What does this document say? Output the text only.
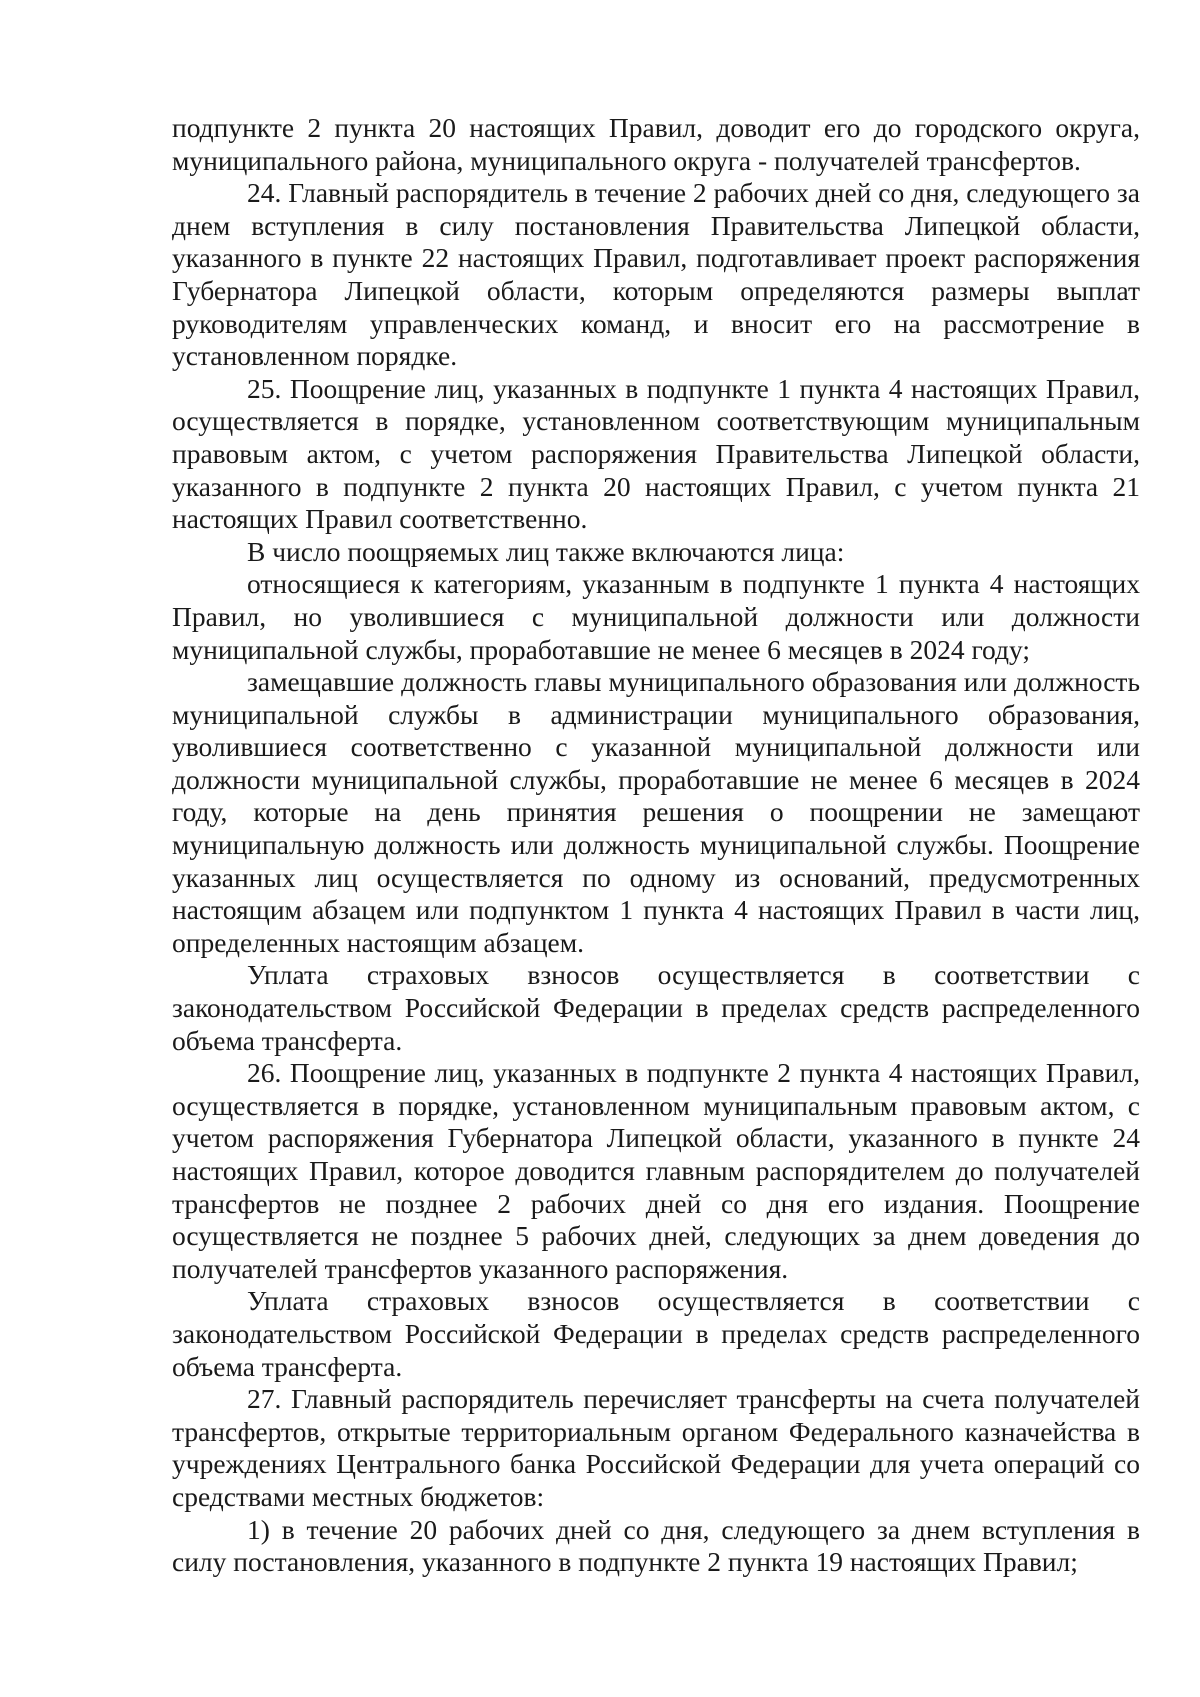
подпункте 2 пункта 20 настоящих Правил, доводит его до городского округа, муниципального района, муниципального округа - получателей трансфертов.

24. Главный распорядитель в течение 2 рабочих дней со дня, следующего за днем вступления в силу постановления Правительства Липецкой области, указанного в пункте 22 настоящих Правил, подготавливает проект распоряжения Губернатора Липецкой области, которым определяются размеры выплат руководителям управленческих команд, и вносит его на рассмотрение в установленном порядке.

25. Поощрение лиц, указанных в подпункте 1 пункта 4 настоящих Правил, осуществляется в порядке, установленном соответствующим муниципальным правовым актом, с учетом распоряжения Правительства Липецкой области, указанного в подпункте 2 пункта 20 настоящих Правил, с учетом пункта 21 настоящих Правил соответственно.

В число поощряемых лиц также включаются лица:

относящиеся к категориям, указанным в подпункте 1 пункта 4 настоящих Правил, но уволившиеся с муниципальной должности или должности муниципальной службы, проработавшие не менее 6 месяцев в 2024 году;

замещавшие должность главы муниципального образования или должность муниципальной службы в администрации муниципального образования, уволившиеся соответственно с указанной муниципальной должности или должности муниципальной службы, проработавшие не менее 6 месяцев в 2024 году, которые на день принятия решения о поощрении не замещают муниципальную должность или должность муниципальной службы. Поощрение указанных лиц осуществляется по одному из оснований, предусмотренных настоящим абзацем или подпунктом 1 пункта 4 настоящих Правил в части лиц, определенных настоящим абзацем.

Уплата страховых взносов осуществляется в соответствии с законодательством Российской Федерации в пределах средств распределенного объема трансферта.

26. Поощрение лиц, указанных в подпункте 2 пункта 4 настоящих Правил, осуществляется в порядке, установленном муниципальным правовым актом, с учетом распоряжения Губернатора Липецкой области, указанного в пункте 24 настоящих Правил, которое доводится главным распорядителем до получателей трансфертов не позднее 2 рабочих дней со дня его издания. Поощрение осуществляется не позднее 5 рабочих дней, следующих за днем доведения до получателей трансфертов указанного распоряжения.

Уплата страховых взносов осуществляется в соответствии с законодательством Российской Федерации в пределах средств распределенного объема трансферта.

27. Главный распорядитель перечисляет трансферты на счета получателей трансфертов, открытые территориальным органом Федерального казначейства в учреждениях Центрального банка Российской Федерации для учета операций со средствами местных бюджетов:

1) в течение 20 рабочих дней со дня, следующего за днем вступления в силу постановления, указанного в подпункте 2 пункта 19 настоящих Правил;
